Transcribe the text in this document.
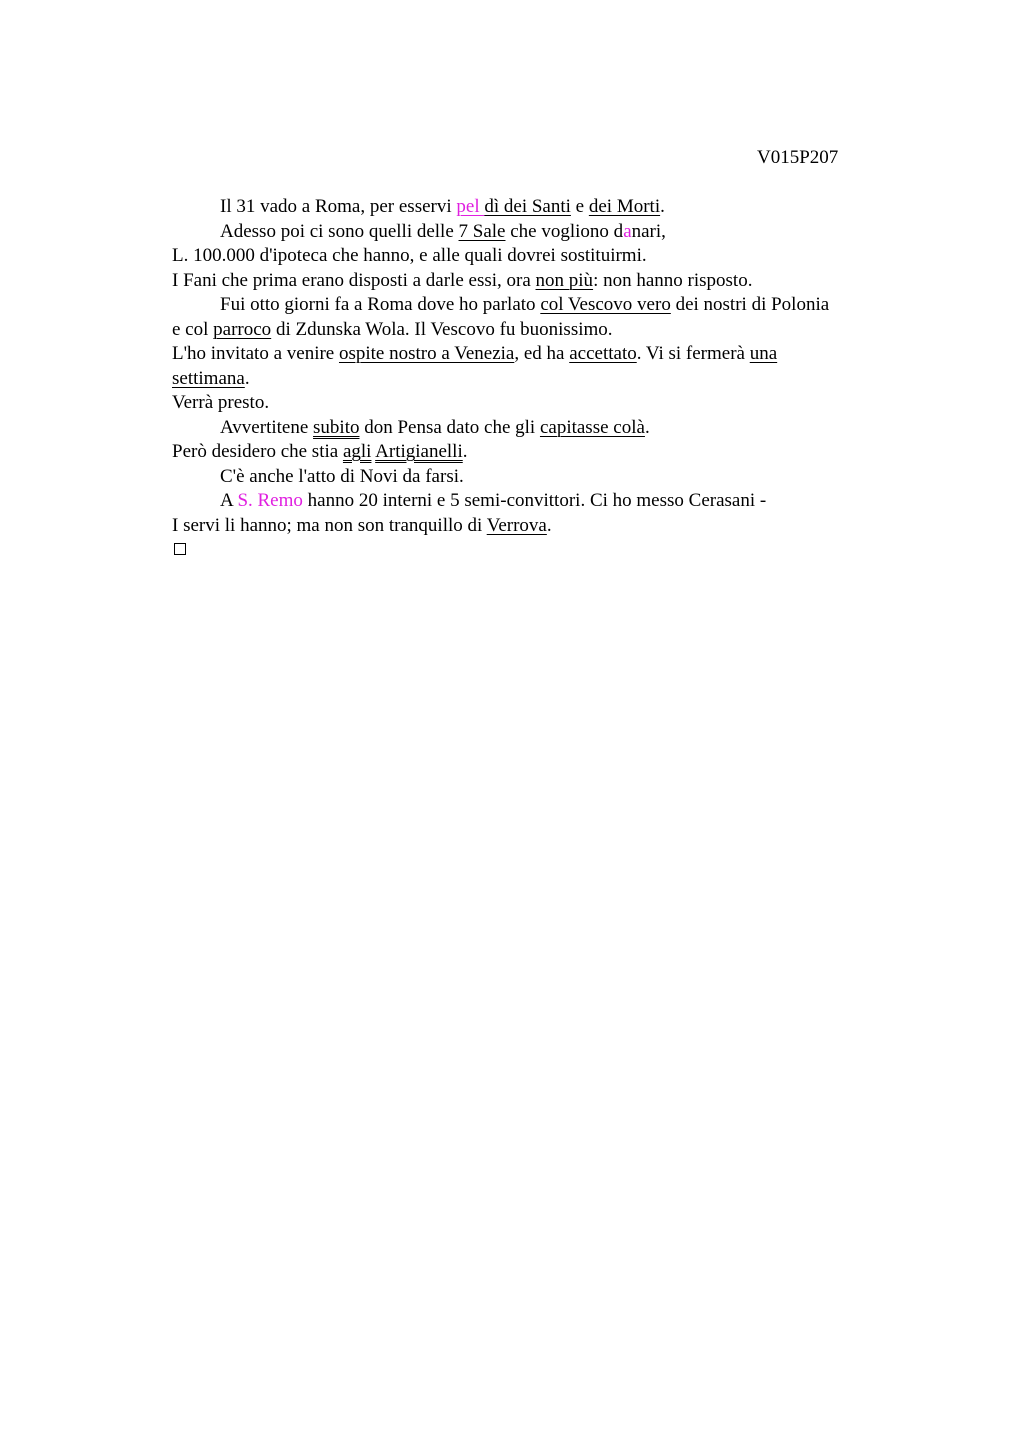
V015P207
Il 31 vado a Roma, per esservi pel dì dei Santi e dei Morti.
Adesso poi ci sono quelli delle 7 Sale che vogliono danari,
L. 100.000 d'ipoteca che hanno, e alle quali dovrei sostituirmi.
I Fani che prima erano disposti a darle essi, ora non più: non hanno risposto.
Fui otto giorni fa a Roma dove ho parlato col Vescovo vero dei nostri di Polonia
e col parroco di Zdunska Wola. Il Vescovo fu buonissimo.
L'ho invitato a venire ospite nostro a Venezia, ed ha accettato. Vi si fermerà una
settimana.
Verrà presto.
Avvertitene subito don Pensa dato che gli capitasse colà.
Però desidero che stia agli Artigianelli.
C'è anche l'atto di Novi da farsi.
A S. Remo hanno 20 interni e 5 semi-convittori. Ci ho messo Cerasani -
I servi li hanno; ma non son tranquillo di Verrova.
